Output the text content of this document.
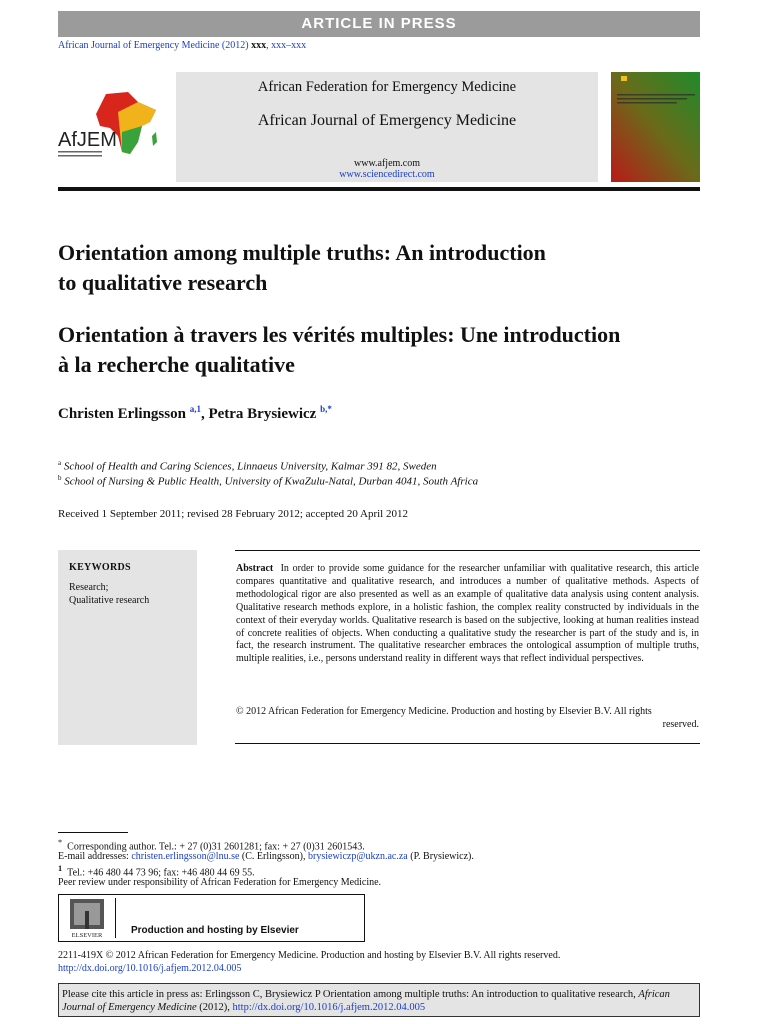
ARTICLE IN PRESS
African Journal of Emergency Medicine (2012) xxx, xxx–xxx
AfJEM
African Federation for Emergency Medicine
African Journal of Emergency Medicine
www.afjem.com
www.sciencedirect.com
Orientation among multiple truths: An introduction
to qualitative research
Orientation à travers les vérités multiples: Une introduction
à la recherche qualitative
Christen Erlingsson $^{a,1}$, Petra Brysiewicz $^{b,*}$
$^a$ School of Health and Caring Sciences, Linnaeus University, Kalmar 391 82, Sweden
$^b$ School of Nursing & Public Health, University of KwaZulu-Natal, Durban 4041, South Africa
Received 1 September 2011; revised 28 February 2012; accepted 20 April 2012
KEYWORDS
Research;
Qualitative research
Abstract In order to provide some guidance for the researcher unfamiliar with qualitative research, this article compares quantitative and qualitative research, and introduces a number of qualitative methods. Aspects of methodological rigor are also presented as well as an example of qualitative data analysis using content analysis. Qualitative research methods explore, in a holistic fashion, the complex reality constructed by individuals in the context of their everyday worlds. Qualitative research is based on the subjective, looking at human realities instead of concrete realities of objects. When conducting a qualitative study the researcher is part of the study and is, in fact, the research instrument. The qualitative researcher embraces the ontological assumption of multiple truths, multiple realities, i.e., persons understand reality in different ways that reflect individual perspectives.
© 2012 African Federation for Emergency Medicine. Production and hosting by Elsevier B.V. All rights
reserved.
* Corresponding author. Tel.: + 27 (0)31 2601281; fax: + 27 (0)31 2601543.
E-mail addresses: christen.erlingsson@lnu.se (C. Erlingsson), brysiewiczp@ukzn.ac.za (P. Brysiewicz).
$^1$ Tel.: +46 480 44 73 96; fax: +46 480 44 69 55.
Peer review under responsibility of African Federation for Emergency Medicine.
ELSEVIER	Production and hosting by Elsevier
2211-419X © 2012 African Federation for Emergency Medicine. Production and hosting by Elsevier B.V. All rights reserved.
http://dx.doi.org/10.1016/j.afjem.2012.04.005
Please cite this article in press as: Erlingsson C, Brysiewicz P Orientation among multiple truths: An introduction to qualitative research, African Journal of Emergency Medicine (2012), http://dx.doi.org/10.1016/j.afjem.2012.04.005
